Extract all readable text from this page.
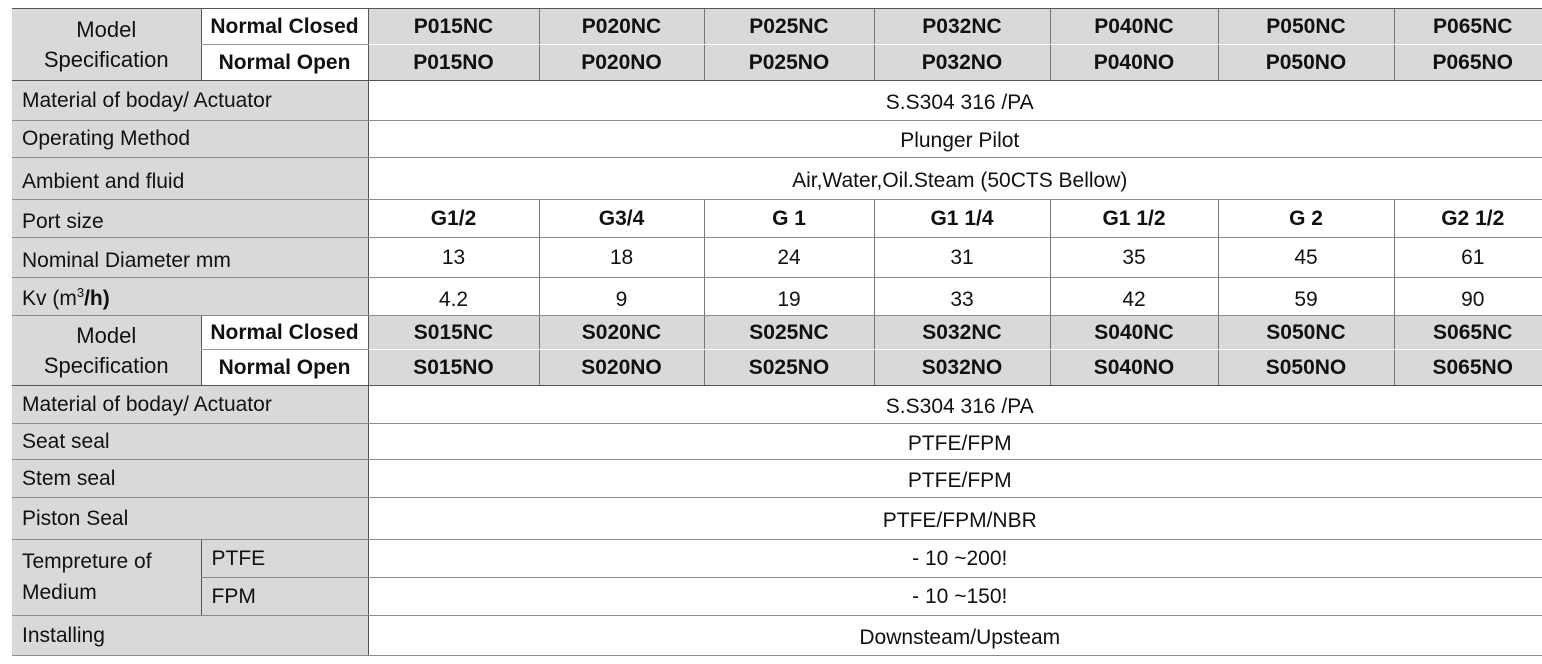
Model
Specification	Normal Closed	P015NC	P020NC	P025NC	P032NC	P040NC	P050NC	P065NC
	Normal Open	P015NO	P020NO	P025NO	P032NO	P040NO	P050NO	P065NO
Material of boday/ Actuator		S.S304 316 /PA						
Operating Method		Plunger Pilot						
Ambient and fluid		Air,Water,Oil.Steam (50CTS Bellow)						
Port size		G1/2	G3/4	G 1	G1 1/4	G1 1/2	G 2	G2 1/2
Nominal Diameter mm		13	18	24	31	35	45	61
Kv $(m^3/h)$		4.2	9	19	33	42	59	90
Model
Specification	Normal Closed	S015NC	S020NC	S025NC	S032NC	S040NC	S050NC	S065NC
	Normal Open	S015NO	S020NO	S025NO	S032NO	S040NO	S050NO	S065NO
Material of boday/ Actuator		S.S304 316 /PA						
Seat seal		PTFE/FPM						
Stem seal		PTFE/FPM						
Piston Seal		PTFE/FPM/NBR						
Tempreture of
Medium	PTFE	- 10 ~200!						
	FPM	- 10 ~150!						
Installing		Downsteam/Upsteam						
